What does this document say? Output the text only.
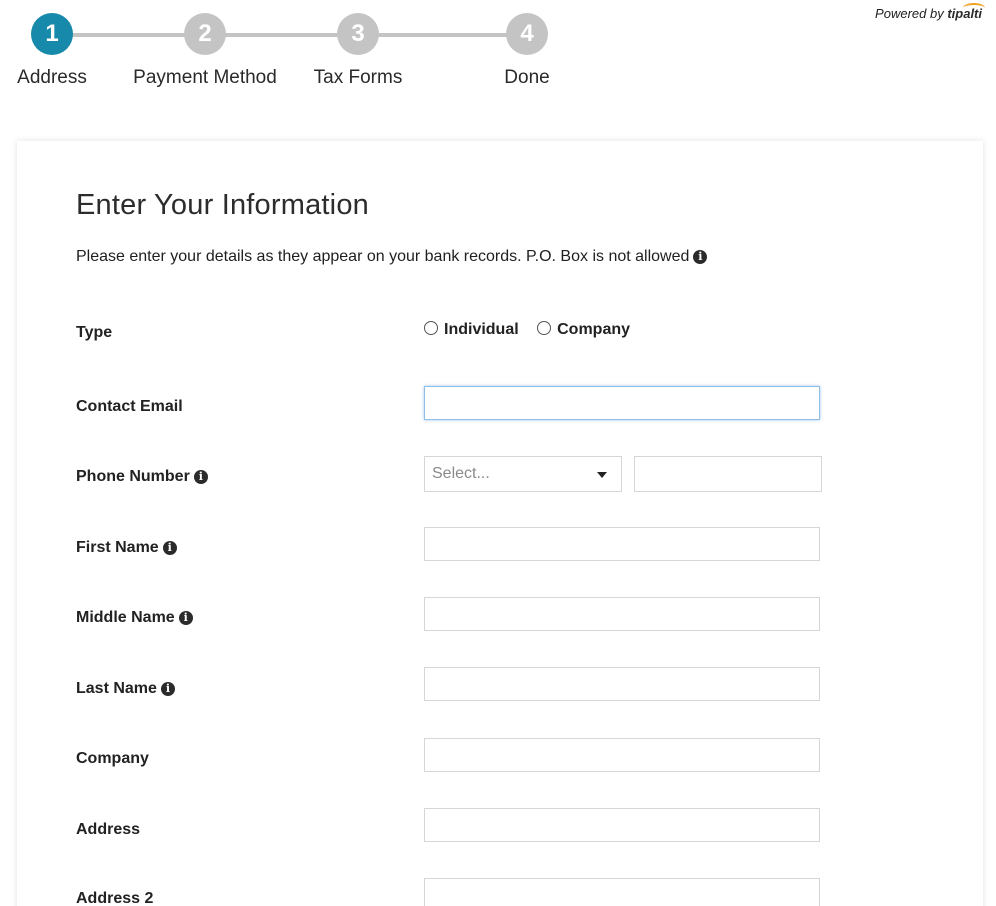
1	2	3	4
Address Payment Method Tax Forms	Done
Powered by tipalti
Enter Your Information
Please enter your details as they appear on your bank records. P.O. Box is not allowed i
Type	Individual Company
Contact Email
Phone Number i	Select...
First Name i
Middle Name i
Last Name i
Company
Address
Address 2
